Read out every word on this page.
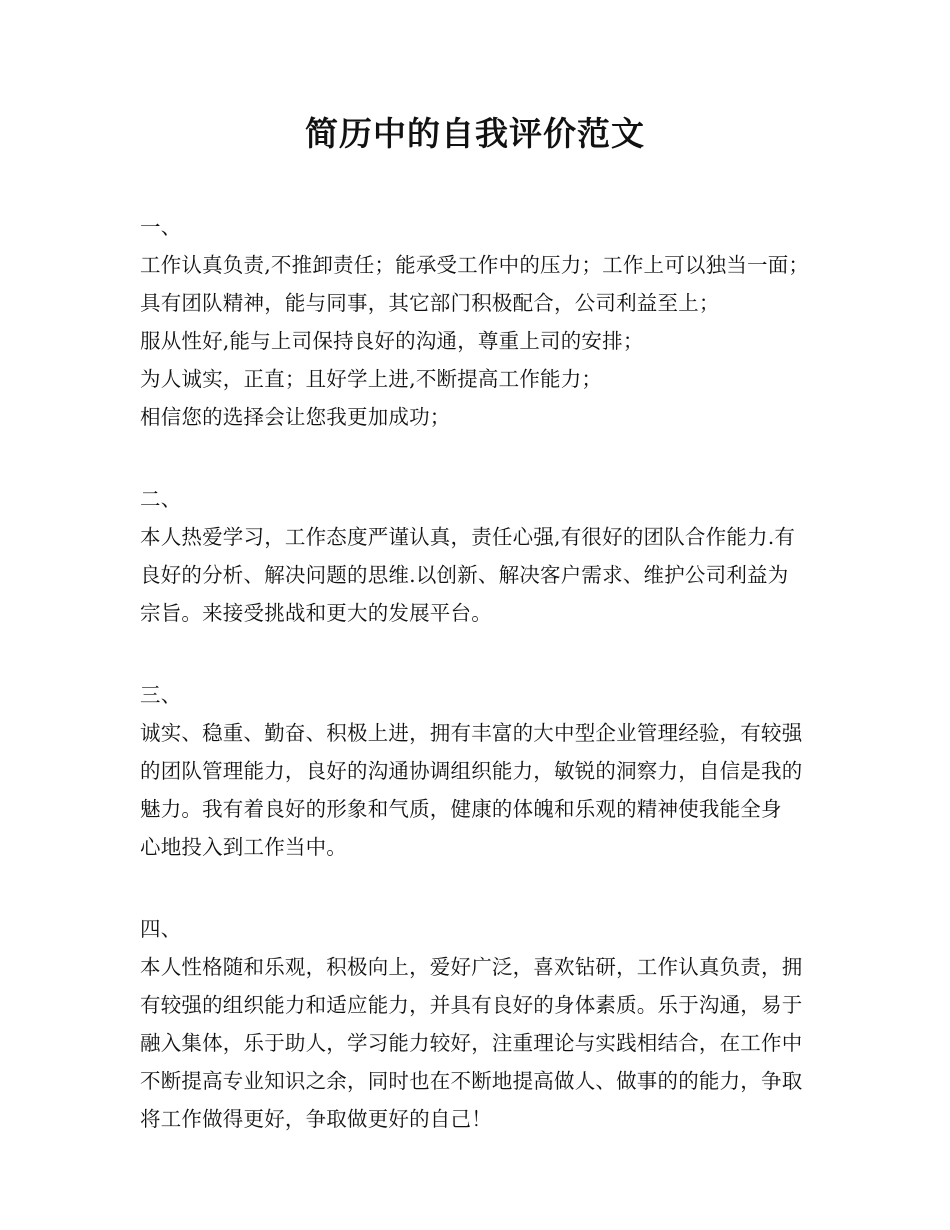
简历中的自我评价范文
一、
工作认真负责,不推卸责任；能承受工作中的压力；工作上可以独当一面；
具有团队精神，能与同事，其它部门积极配合，公司利益至上；
服从性好,能与上司保持良好的沟通，尊重上司的安排；
为人诚实，正直；且好学上进,不断提高工作能力；
相信您的选择会让您我更加成功；
二、
本人热爱学习，工作态度严谨认真，责任心强,有很好的团队合作能力.有
良好的分析、解决问题的思维.以创新、解决客户需求、维护公司利益为
宗旨。来接受挑战和更大的发展平台。
三、
诚实、稳重、勤奋、积极上进，拥有丰富的大中型企业管理经验，有较强
的团队管理能力，良好的沟通协调组织能力，敏锐的洞察力，自信是我的
魅力。我有着良好的形象和气质，健康的体魄和乐观的精神使我能全身
心地投入到工作当中。
四、
本人性格随和乐观，积极向上，爱好广泛，喜欢钻研，工作认真负责，拥
有较强的组织能力和适应能力，并具有良好的身体素质。乐于沟通，易于
融入集体，乐于助人，学习能力较好，注重理论与实践相结合，在工作中
不断提高专业知识之余，同时也在不断地提高做人、做事的的能力，争取
将工作做得更好，争取做更好的自己！
